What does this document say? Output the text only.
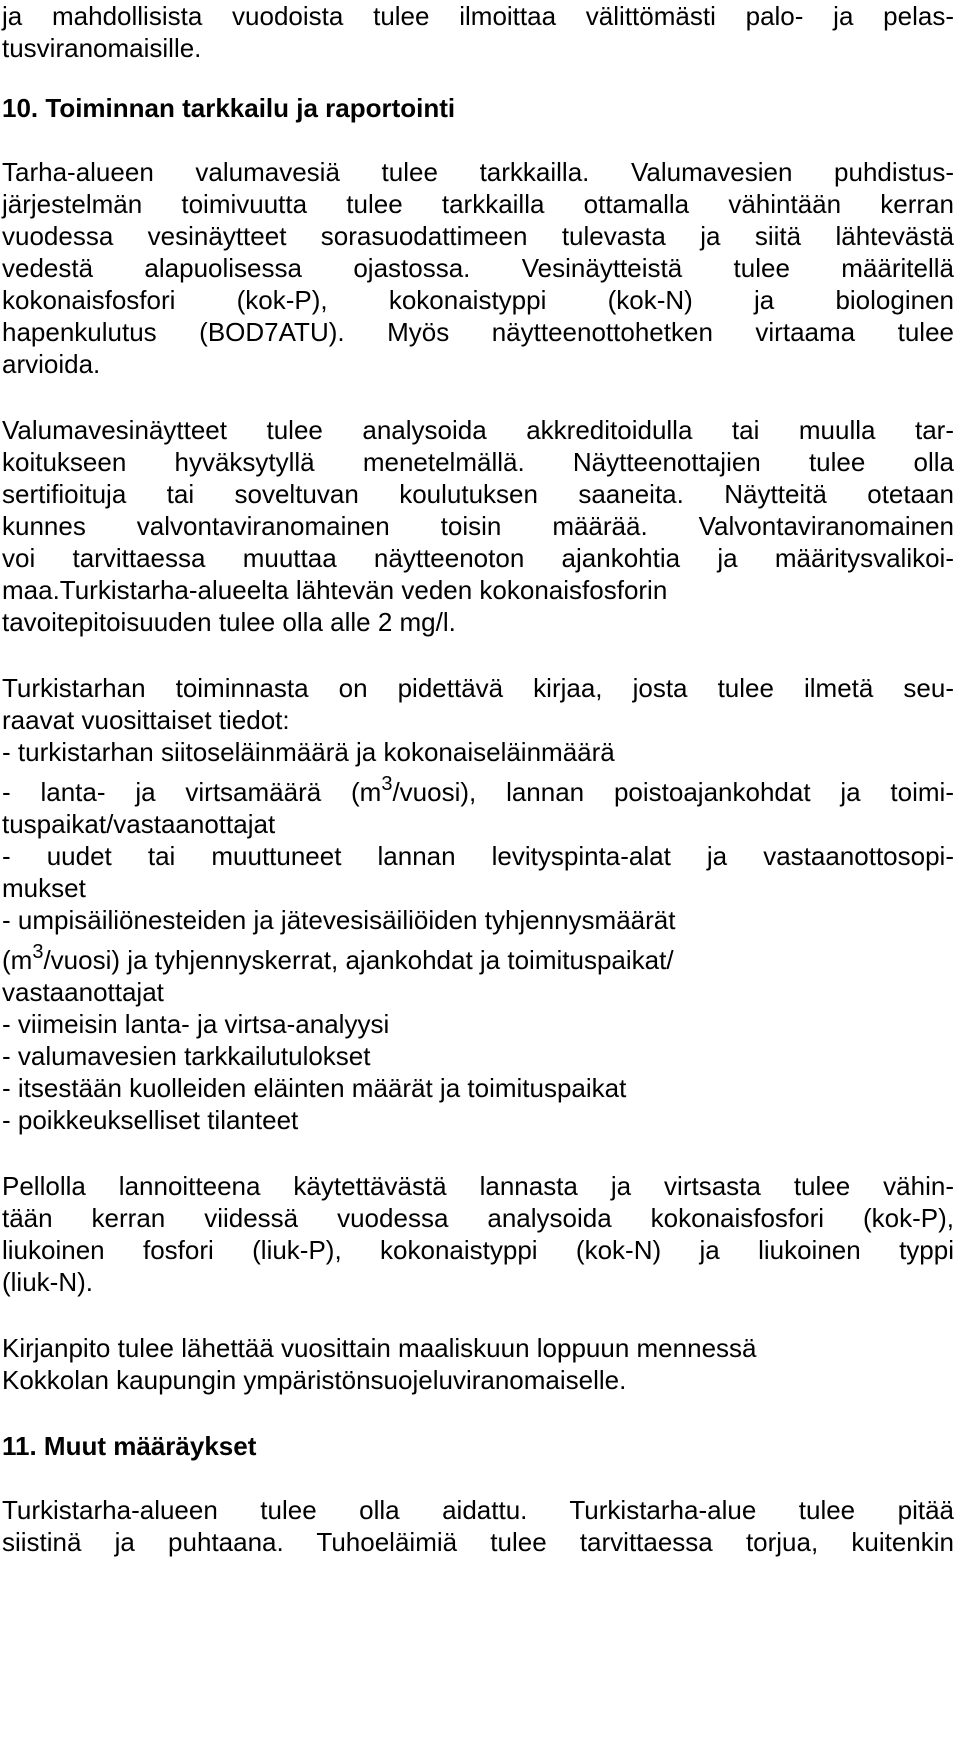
ja mahdollisista vuodoista tulee ilmoittaa välittömästi palo- ja pelas-
tusviranomaisille.
10. Toiminnan tarkkailu ja raportointi
Tarha-alueen valumavesiä tulee tarkkailla. Valumavesien puhdistus-
järjestelmän toimivuutta tulee tarkkailla ottamalla vähintään kerran
vuodessa vesinäytteet sorasuodattimeen tulevasta ja siitä lähtevästä
vedestä alapuolisessa ojastossa. Vesinäytteistä tulee määritellä
kokonaisfosfori (kok-P), kokonaistyppi (kok-N) ja biologinen
hapenkulutus (BOD7ATU). Myös näytteenottohetken virtaama tulee
arvioida.
Valumavesinäytteet tulee analysoida akkreditoidulla tai muulla tar-
koitukseen hyväksytyllä menetelmällä. Näytteenottajien tulee olla
sertifioituja tai soveltuvan koulutuksen saaneita. Näytteitä otetaan
kunnes valvontaviranomainen toisin määrää. Valvontaviranomainen
voi tarvittaessa muuttaa näytteenoton ajankohtia ja määritysvalikoi-
maa.Turkistarha-alueelta lähtevän veden kokonaisfosforin
tavoitepitoisuuden tulee olla alle 2 mg/l.
Turkistarhan toiminnasta on pidettävä kirjaa, josta tulee ilmetä seu-
raavat vuosittaiset tiedot:
- turkistarhan siitoseläinmäärä ja kokonaiseläinmäärä
- lanta- ja virtsamäärä $(m^3/vuosi)$, lannan poistoajankohdat ja toimi-
tuspaikat/vastaanottajat
- uudet tai muuttuneet lannan levityspinta-alat ja vastaanottosopi-
mukset
- umpisäiliönesteiden ja jätevesisäiliöiden tyhjennysmäärät
$(m^3/vuosi)$ ja tyhjennyskerrat, ajankohdat ja toimituspaikat/
vastaanottajat
- viimeisin lanta- ja virtsa-analyysi
- valumavesien tarkkailutulokset
- itsestään kuolleiden eläinten määrät ja toimituspaikat
- poikkeukselliset tilanteet
Pellolla lannoitteena käytettävästä lannasta ja virtsasta tulee vähin-
tään kerran viidessä vuodessa analysoida kokonaisfosfori (kok-P),
liukoinen fosfori (liuk-P), kokonaistyppi (kok-N) ja liukoinen typpi
(liuk-N).
Kirjanpito tulee lähettää vuosittain maaliskuun loppuun mennessä
Kokkolan kaupungin ympäristönsuojeluviranomaiselle.
11. Muut määräykset
Turkistarha-alueen tulee olla aidattu. Turkistarha-alue tulee pitää
siistinä ja puhtaana. Tuhoeläimiä tulee tarvittaessa torjua, kuitenkin
